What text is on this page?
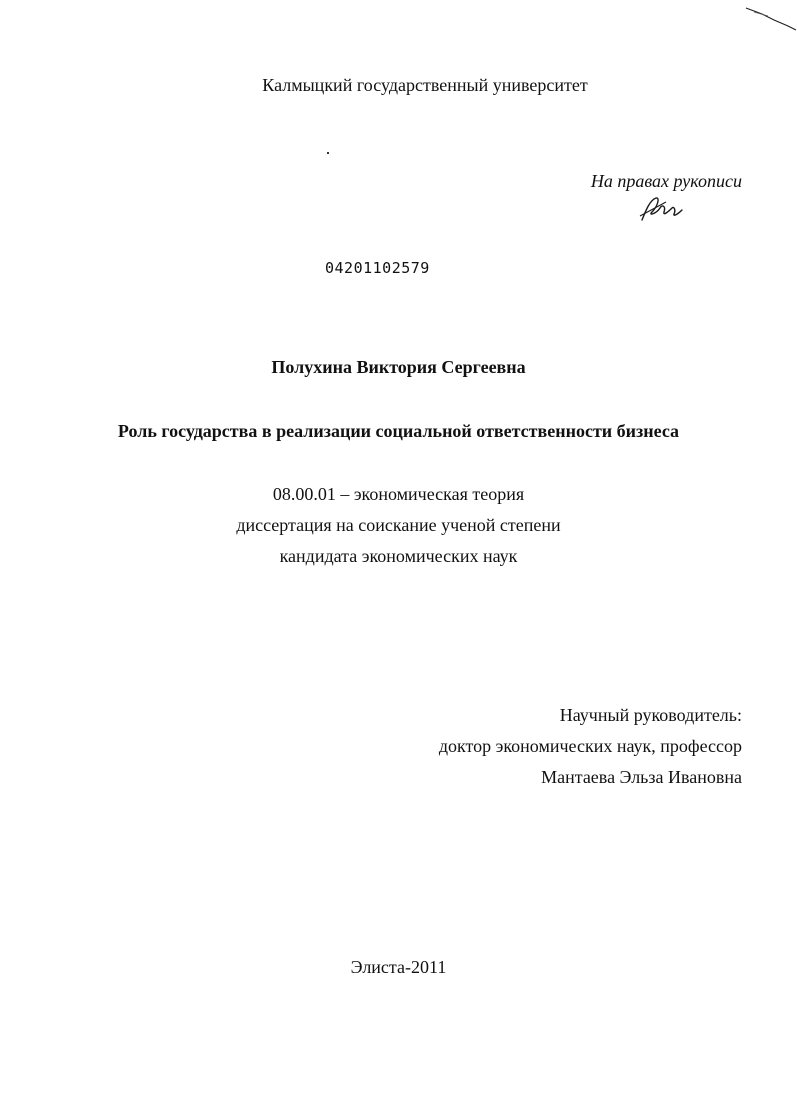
Калмыцкий государственный университет
На правах рукописи
04201102579
Полухина Виктория Сергеевна
Роль государства в реализации социальной ответственности бизнеса
08.00.01 – экономическая теория
диссертация на соискание ученой степени
кандидата экономических наук
Научный руководитель:
доктор экономических наук, профессор
Мантаева Эльза Ивановна
Элиста-2011
